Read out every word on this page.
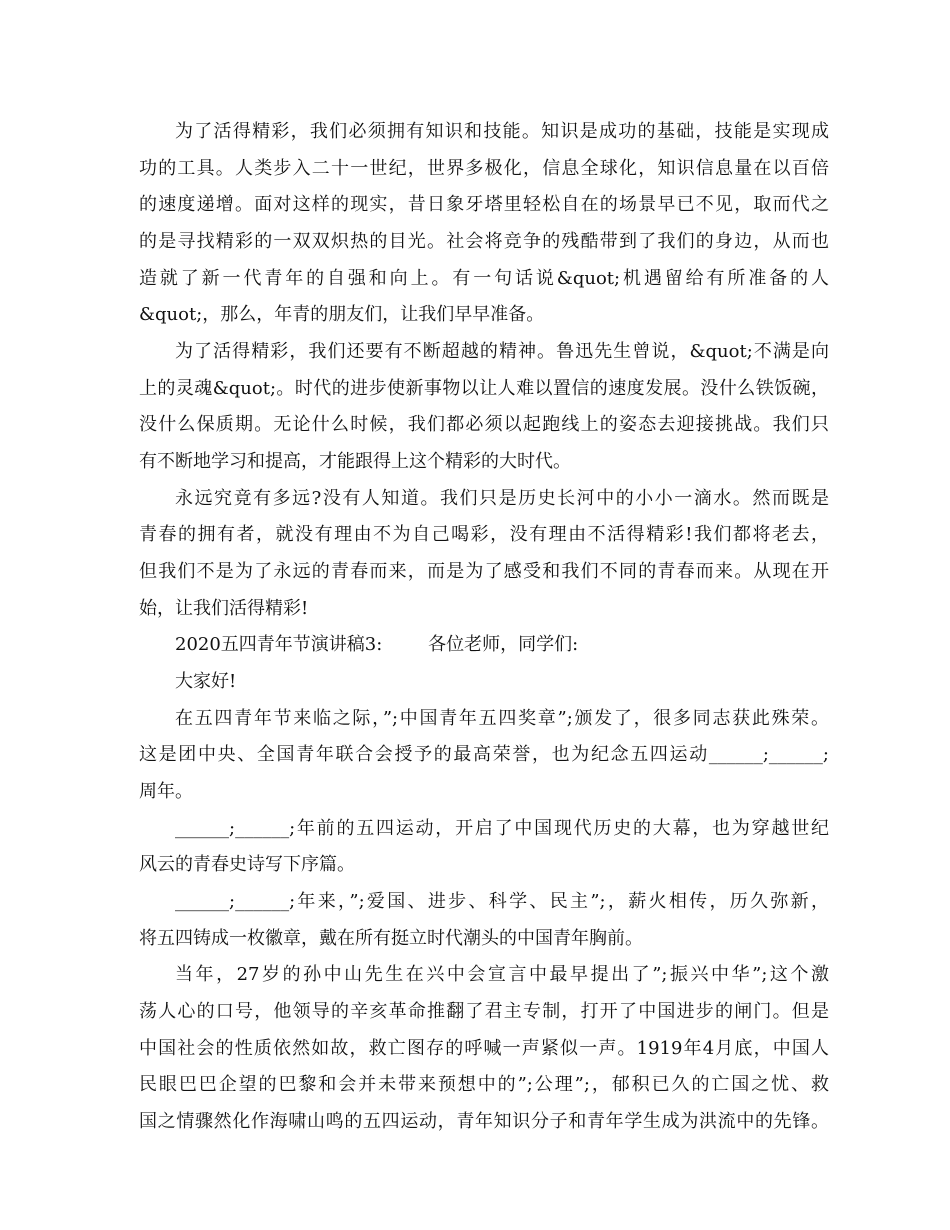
为了活得精彩，我们必须拥有知识和技能。知识是成功的基础，技能是实现成
功的工具。人类步入二十一世纪，世界多极化，信息全球化，知识信息量在以百倍
的速度递增。面对这样的现实，昔日象牙塔里轻松自在的场景早已不见，取而代之
的是寻找精彩的一双双炽热的目光。社会将竞争的残酷带到了我们的身边，从而也
造就了新一代青年的自强和向上。有一句话说&quot;机遇留给有所准备的人
&quot;，那么，年青的朋友们，让我们早早准备。
为了活得精彩，我们还要有不断超越的精神。鲁迅先生曾说，&quot;不满是向
上的灵魂&quot;。时代的进步使新事物以让人难以置信的速度发展。没什么铁饭碗，
没什么保质期。无论什么时候，我们都必须以起跑线上的姿态去迎接挑战。我们只
有不断地学习和提高，才能跟得上这个精彩的大时代。
永远究竟有多远?没有人知道。我们只是历史长河中的小小一滴水。然而既是
青春的拥有者，就没有理由不为自己喝彩，没有理由不活得精彩!我们都将老去，
但我们不是为了永远的青春而来，而是为了感受和我们不同的青春而来。从现在开
始，让我们活得精彩!
2020五四青年节演讲稿3:        各位老师，同学们:
大家好!
在五四青年节来临之际，”;中国青年五四奖章”;颁发了，很多同志获此殊荣。
这是团中央、全国青年联合会授予的最高荣誉，也为纪念五四运动______;______;
周年。
______;______;年前的五四运动，开启了中国现代历史的大幕，也为穿越世纪
风云的青春史诗写下序篇。
______;______;年来，”;爱国、进步、科学、民主”;，薪火相传，历久弥新，
将五四铸成一枚徽章，戴在所有挺立时代潮头的中国青年胸前。
当年，27岁的孙中山先生在兴中会宣言中最早提出了”;振兴中华”;这个激
荡人心的口号，他领导的辛亥革命推翻了君主专制，打开了中国进步的闸门。但是
中国社会的性质依然如故，救亡图存的呼喊一声紧似一声。1919年4月底，中国人
民眼巴巴企望的巴黎和会并未带来预想中的”;公理”;，郁积已久的亡国之忧、救
国之情骤然化作海啸山鸣的五四运动，青年知识分子和青年学生成为洪流中的先锋。
